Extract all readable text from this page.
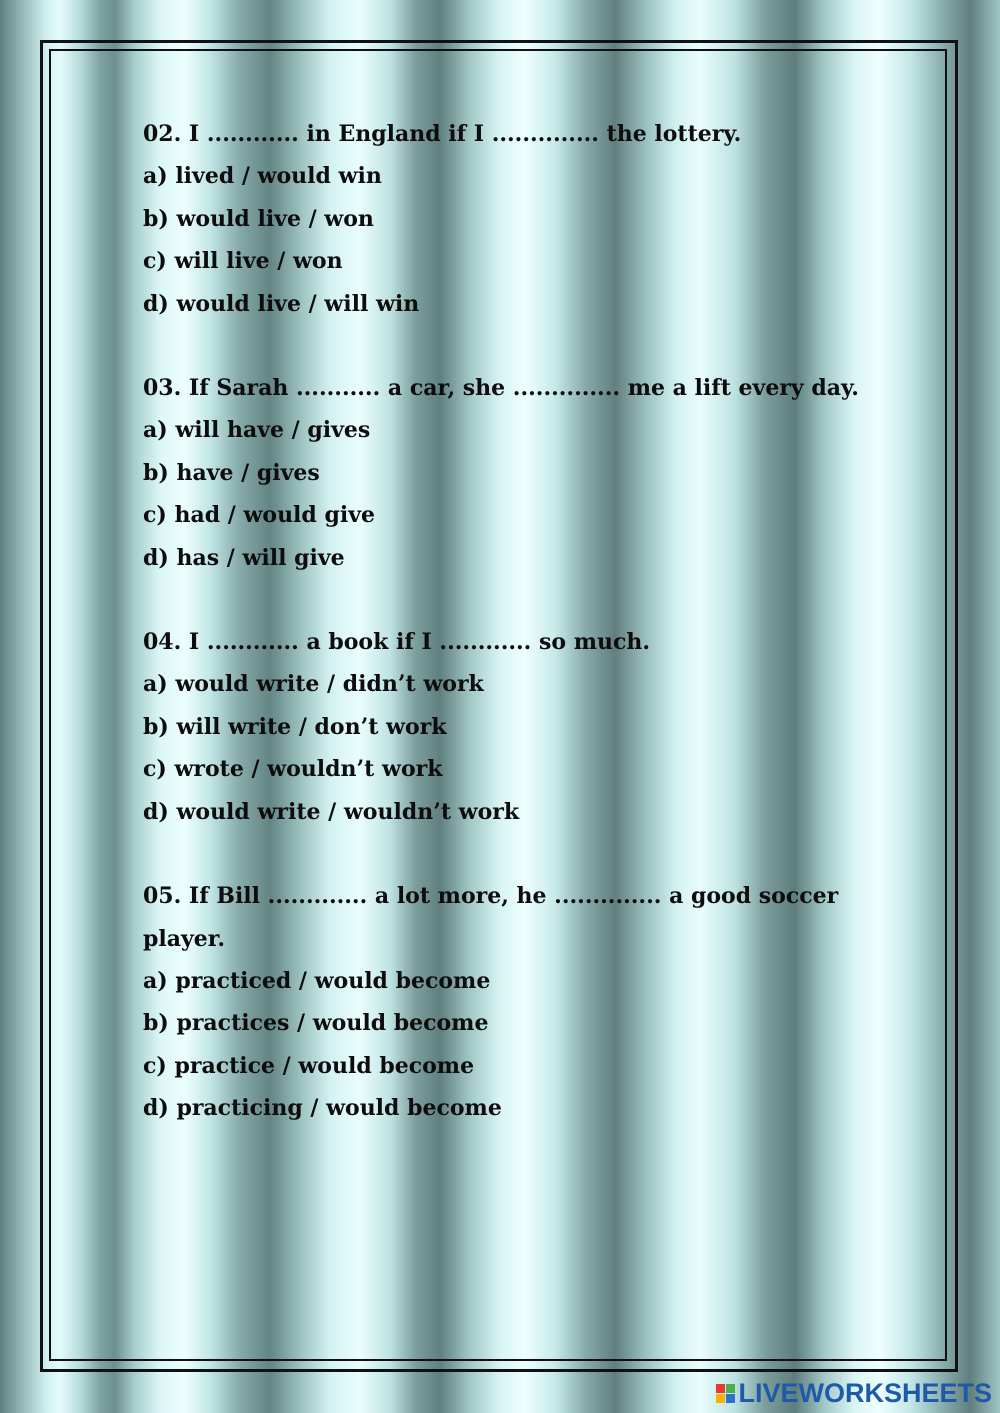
02. I ............ in England if I .............. the lottery.
a) lived / would win
b) would live / won
c) will live / won
d) would live / will win
03. If Sarah ........... a car, she .............. me a lift every day.
a) will have / gives
b) have / gives
c) had / would give
d) has / will give
04. I ............ a book if I ............ so much.
a) would write / didn’t work
b) will write / don’t work
c) wrote / wouldn’t work
d) would write / wouldn’t work
05. If Bill ............. a lot more, he .............. a good soccer
player.
a) practiced / would become
b) practices / would become
c) practice / would become
d) practicing / would become
LIVEWORKSHEETS
